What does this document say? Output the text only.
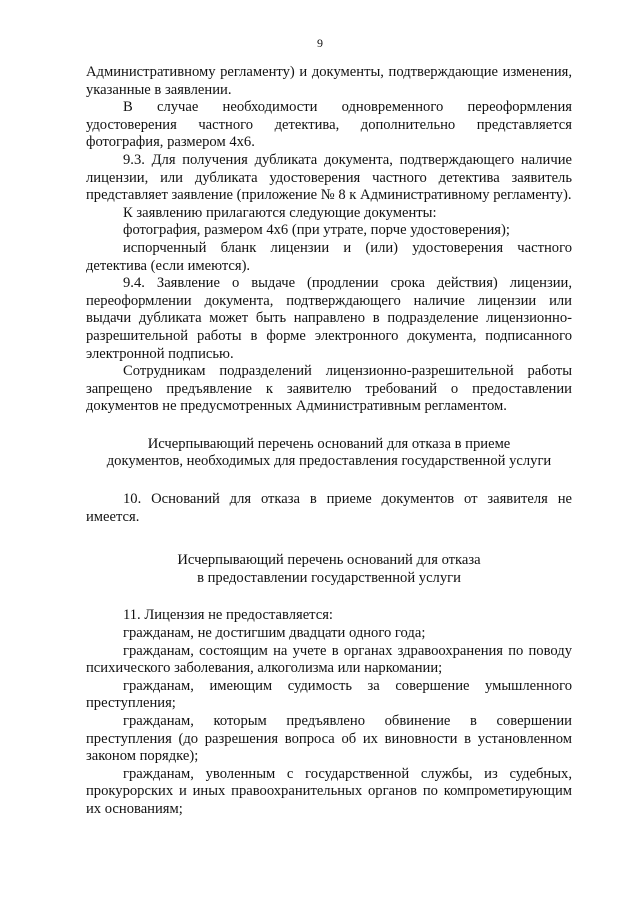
9

Административному регламенту) и документы, подтверждающие изменения, указанные в заявлении.

В случае необходимости одновременного переоформления удостоверения частного детектива, дополнительно представляется фотография, размером 4х6.

9.3. Для получения дубликата документа, подтверждающего наличие лицензии, или дубликата удостоверения частного детектива заявитель представляет заявление (приложение № 8 к Административному регламенту).

К заявлению прилагаются следующие документы:

фотография, размером 4х6 (при утрате, порче удостоверения);

испорченный бланк лицензии и (или) удостоверения частного детектива (если имеются).

9.4. Заявление о выдаче (продлении срока действия) лицензии, переоформлении документа, подтверждающего наличие лицензии или выдачи дубликата может быть направлено в подразделение лицензионно-разрешительной работы в форме электронного документа, подписанного электронной подписью.

Сотрудникам подразделений лицензионно-разрешительной работы запрещено предъявление к заявителю требований о предоставлении документов не предусмотренных Административным регламентом.

Исчерпывающий перечень оснований для отказа в приеме

документов, необходимых для предоставления государственной услуги

10. Оснований для отказа в приеме документов от заявителя не имеется.

Исчерпывающий перечень оснований для отказа

в предоставлении государственной услуги

11. Лицензия не предоставляется:

гражданам, не достигшим двадцати одного года;

гражданам, состоящим на учете в органах здравоохранения по поводу психического заболевания, алкоголизма или наркомании;

гражданам, имеющим судимость за совершение умышленного преступления;

гражданам, которым предъявлено обвинение в совершении преступления (до разрешения вопроса об их виновности в установленном законом порядке);

гражданам, уволенным с государственной службы, из судебных, прокурорских и иных правоохранительных органов по компрометирующим их основаниям;
